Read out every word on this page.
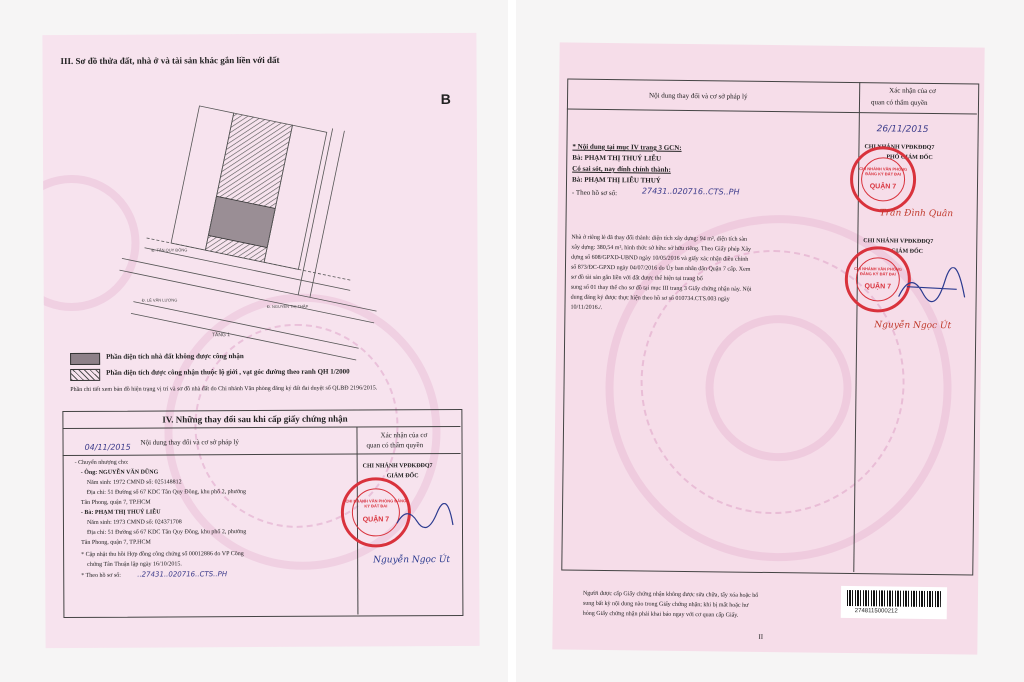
III. Sơ đồ thửa đất, nhà ở và tài sản khác gắn liền với đất
B
TẦNG 1
Đ. NGUYỄN THỊ THẬP
Đ. LÊ VĂN LƯƠNG
Đ. TÂN QUY ĐÔNG
Phần diện tích nhà đất không được công nhận
Phần diện tích được công nhận thuộc lộ giới , vạt góc đường theo ranh QH 1/2000
Phần chi tiết xem bản đồ hiện trạng vị trí và sơ đồ nhà đất do Chi nhánh Văn phòng đăng ký đất đai duyệt số QLBĐ 2196/2015.
IV. Những thay đổi sau khi cấp giấy chứng nhận
Nội dung thay đổi và cơ sở pháp lý
Xác nhận của cơ
quan có thẩm quyền
04/11/2015
- Chuyển nhượng cho:
- Ông: NGUYỄN VĂN DŨNG
Năm sinh: 1972 CMND số: 025148812
Địa chỉ: 51 Đường số 67 KDC Tân Quy Đông, khu phố 2, phường
Tân Phong, quận 7, TP.HCM
- Bà: PHẠM THỊ THUÝ LIỄU
Năm sinh: 1973 CMND số: 024371708
Địa chỉ: 51 Đường số 67 KDC Tân Quy Đông, khu phố 2, phường
Tân Phong, quận 7, TP.HCM
* Cập nhật thu hồi Hợp đồng công chứng số 00012886 do VP Công
chứng Tân Thuận lập ngày 16/10/2015.
* Theo hồ sơ số: ..27431..020716..CTS..PH
CHI NHÁNH VPĐKĐĐQ7
GIÁM ĐỐC
CHI NHÁNH VĂN PHÒNG ĐĂNG KÝ ĐẤT ĐAI
QUẬN 7
Nguyễn Ngọc Út
Nội dung thay đổi và cơ sở pháp lý
Xác nhận của cơ
quan có thẩm quyền
26/11/2015
* Nội dung tại mục IV trang 3 GCN:
Bà: PHẠM THỊ THUÝ LIỄU
Có sai sót, nay đính chính thành:
Bà: PHẠM THỊ LIỄU THUÝ
- Theo hồ sơ số:	27431..020716..CTS..PH
CHI NHÁNH VPĐKĐĐQ7
PHÓ GIÁM ĐỐC
CHI NHÁNH VĂN PHÒNG ĐĂNG KÝ ĐẤT ĐAI
QUẬN 7
Trần Đình Quân
Nhà ở riêng lẻ đã thay đổi thành: diện tích xây dựng: 94 m², diện tích sàn
xây dựng: 380,54 m², hình thức sở hữu: sở hữu riêng. Theo Giấy phép Xây
dựng số 608/GPXD-UBND ngày 10/05/2016 và giấy xác nhận điều chỉnh
số 873/ĐC-GPXD ngày 04/07/2016 do Ủy ban nhân dân Quận 7 cấp. Xem
sơ đồ tài sản gắn liền với đất được thể hiện tại trang bổ
sung số 01 thay thế cho sơ đồ tại mục III trang 3 Giấy chứng nhận này. Nội
dung đăng ký được thực hiện theo hồ sơ số 010734.CTS.003 ngày
10/11/2016./.
CHI NHÁNH VPĐKĐĐQ7
GIÁM ĐỐC
CHI NHÁNH VĂN PHÒNG ĐĂNG KÝ ĐẤT ĐAI
QUẬN 7
Nguyễn Ngọc Út
Người được cấp Giấy chứng nhận không được sửa chữa, tẩy xóa hoặc bổ
sung bất kỳ nội dung nào trong Giấy chứng nhận; khi bị mất hoặc hư
hỏng Giấy chứng nhận phải khai báo ngay với cơ quan cấp Giấy.	274811500021​2
II
